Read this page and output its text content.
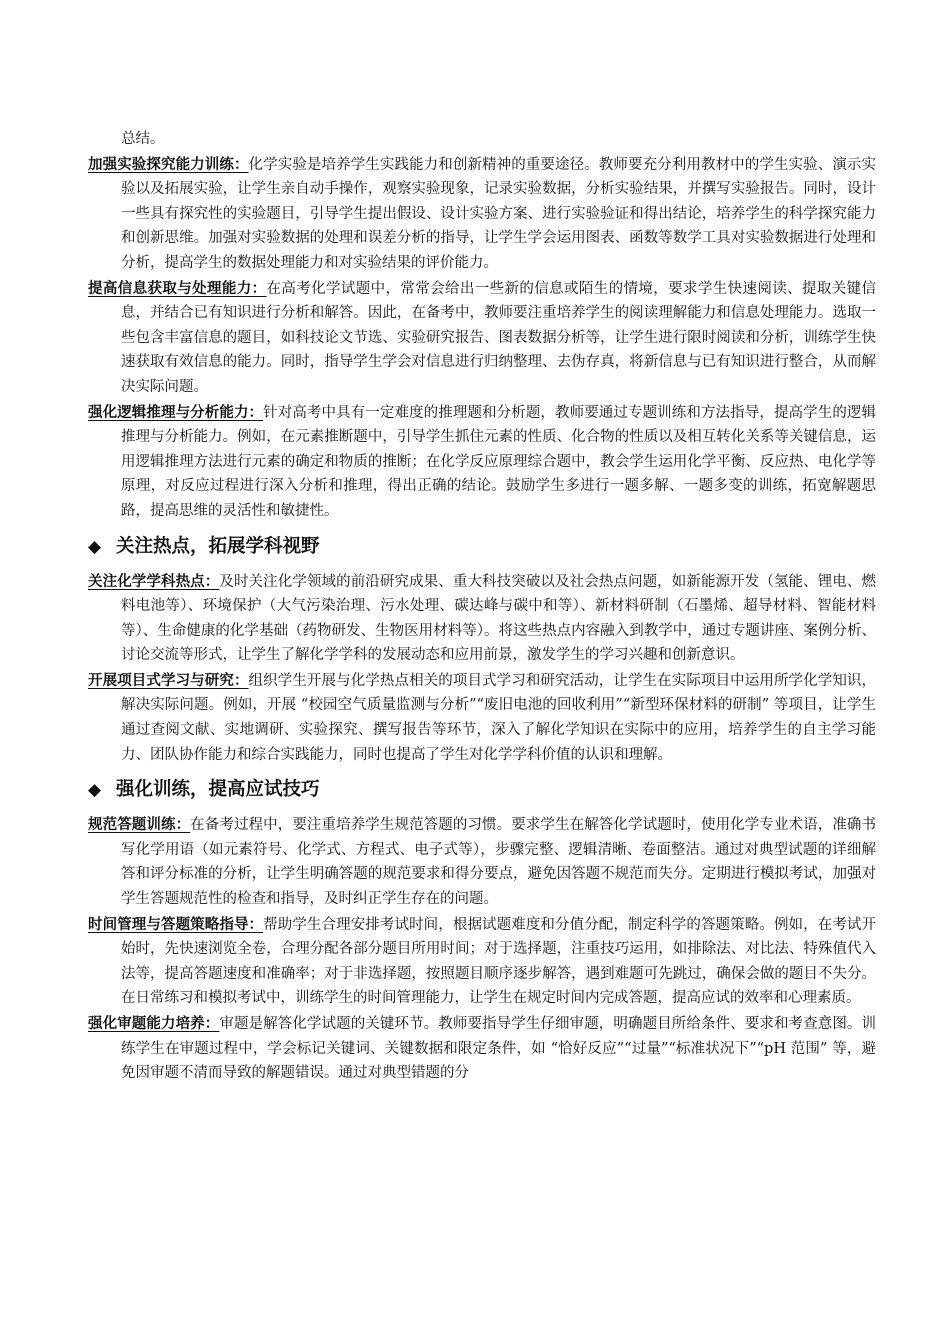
总结。

加强实验探究能力训练：化学实验是培养学生实践能力和创新精神的重要途径。教师要充分利用教材中的学生实验、演示实验以及拓展实验，让学生亲自动手操作，观察实验现象，记录实验数据，分析实验结果，并撰写实验报告。同时，设计一些具有探究性的实验题目，引导学生提出假设、设计实验方案、进行实验验证和得出结论，培养学生的科学探究能力和创新思维。加强对实验数据的处理和误差分析的指导，让学生学会运用图表、函数等数学工具对实验数据进行处理和分析，提高学生的数据处理能力和对实验结果的评价能力。

提高信息获取与处理能力：在高考化学试题中，常常会给出一些新的信息或陌生的情境，要求学生快速阅读、提取关键信息，并结合已有知识进行分析和解答。因此，在备考中，教师要注重培养学生的阅读理解能力和信息处理能力。选取一些包含丰富信息的题目，如科技论文节选、实验研究报告、图表数据分析等，让学生进行限时阅读和分析，训练学生快速获取有效信息的能力。同时，指导学生学会对信息进行归纳整理、去伪存真，将新信息与已有知识进行整合，从而解决实际问题。

强化逻辑推理与分析能力：针对高考中具有一定难度的推理题和分析题，教师要通过专题训练和方法指导，提高学生的逻辑推理与分析能力。例如，在元素推断题中，引导学生抓住元素的性质、化合物的性质以及相互转化关系等关键信息，运用逻辑推理方法进行元素的确定和物质的推断；在化学反应原理综合题中，教会学生运用化学平衡、反应热、电化学等原理，对反应过程进行深入分析和推理，得出正确的结论。鼓励学生多进行一题多解、一题多变的训练，拓宽解题思路，提高思维的灵活性和敏捷性。

◆ 关注热点，拓展学科视野

关注化学学科热点：及时关注化学领域的前沿研究成果、重大科技突破以及社会热点问题，如新能源开发（氢能、锂电、燃料电池等）、环境保护（大气污染治理、污水处理、碳达峰与碳中和等）、新材料研制（石墨烯、超导材料、智能材料等）、生命健康的化学基础（药物研发、生物医用材料等）。将这些热点内容融入到教学中，通过专题讲座、案例分析、讨论交流等形式，让学生了解化学学科的发展动态和应用前景，激发学生的学习兴趣和创新意识。

开展项目式学习与研究：组织学生开展与化学热点相关的项目式学习和研究活动，让学生在实际项目中运用所学化学知识，解决实际问题。例如，开展 “校园空气质量监测与分析”“废旧电池的回收利用”“新型环保材料的研制” 等项目，让学生通过查阅文献、实地调研、实验探究、撰写报告等环节，深入了解化学知识在实际中的应用，培养学生的自主学习能力、团队协作能力和综合实践能力，同时也提高了学生对化学学科价值的认识和理解。

◆ 强化训练，提高应试技巧

规范答题训练：在备考过程中，要注重培养学生规范答题的习惯。要求学生在解答化学试题时，使用化学专业术语，准确书写化学用语（如元素符号、化学式、方程式、电子式等），步骤完整、逻辑清晰、卷面整洁。通过对典型试题的详细解答和评分标准的分析，让学生明确答题的规范要求和得分要点，避免因答题不规范而失分。定期进行模拟考试，加强对学生答题规范性的检查和指导，及时纠正学生存在的问题。

时间管理与答题策略指导：帮助学生合理安排考试时间，根据试题难度和分值分配，制定科学的答题策略。例如，在考试开始时，先快速浏览全卷，合理分配各部分题目所用时间；对于选择题，注重技巧运用，如排除法、对比法、特殊值代入法等，提高答题速度和准确率；对于非选择题，按照题目顺序逐步解答，遇到难题可先跳过，确保会做的题目不失分。在日常练习和模拟考试中，训练学生的时间管理能力，让学生在规定时间内完成答题，提高应试的效率和心理素质。

强化审题能力培养：审题是解答化学试题的关键环节。教师要指导学生仔细审题，明确题目所给条件、要求和考查意图。训练学生在审题过程中，学会标记关键词、关键数据和限定条件，如 “恰好反应”“过量”“标准状况下”“pH 范围” 等，避免因审题不清而导致的解题错误。通过对典型错题的分
